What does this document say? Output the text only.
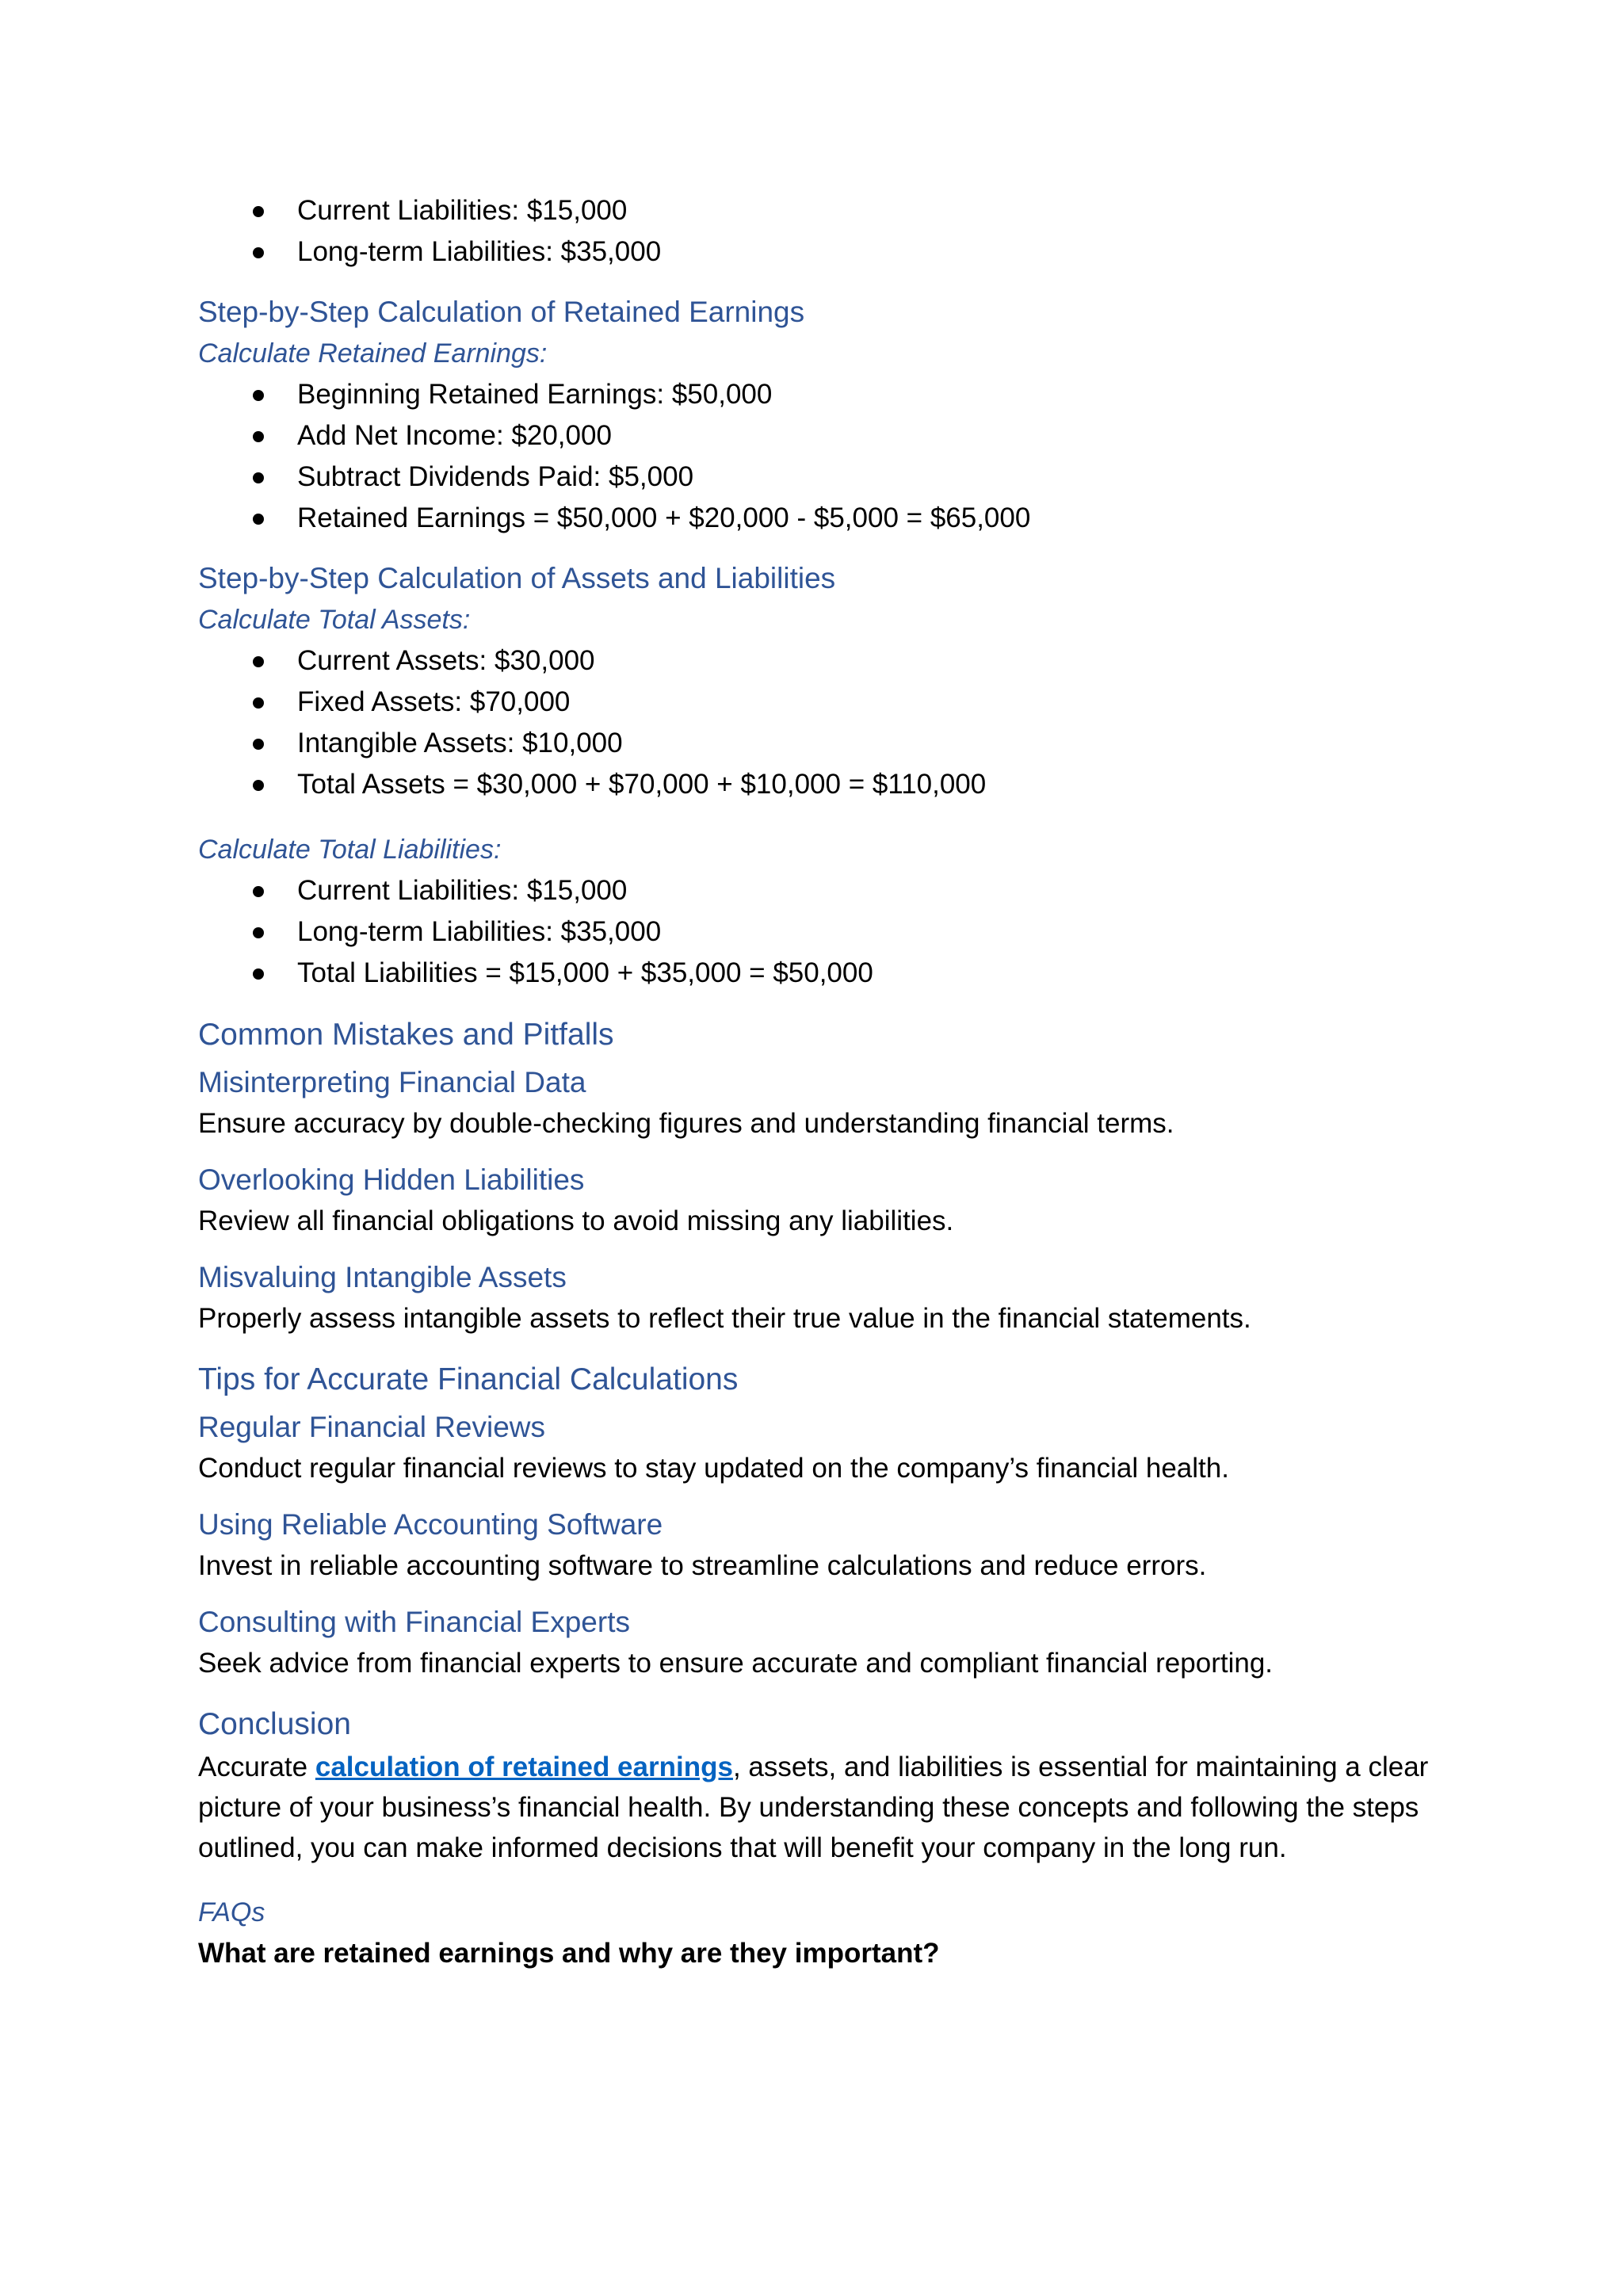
Current Liabilities: $15,000
Long-term Liabilities: $35,000
Step-by-Step Calculation of Retained Earnings
Calculate Retained Earnings:
Beginning Retained Earnings: $50,000
Add Net Income: $20,000
Subtract Dividends Paid: $5,000
Retained Earnings = $50,000 + $20,000 - $5,000 = $65,000
Step-by-Step Calculation of Assets and Liabilities
Calculate Total Assets:
Current Assets: $30,000
Fixed Assets: $70,000
Intangible Assets: $10,000
Total Assets = $30,000 + $70,000 + $10,000 = $110,000
Calculate Total Liabilities:
Current Liabilities: $15,000
Long-term Liabilities: $35,000
Total Liabilities = $15,000 + $35,000 = $50,000
Common Mistakes and Pitfalls
Misinterpreting Financial Data

Ensure accuracy by double-checking figures and understanding financial terms.

Overlooking Hidden Liabilities

Review all financial obligations to avoid missing any liabilities.

Misvaluing Intangible Assets

Properly assess intangible assets to reflect their true value in the financial statements.

Tips for Accurate Financial Calculations
Regular Financial Reviews

Conduct regular financial reviews to stay updated on the company’s financial health.

Using Reliable Accounting Software

Invest in reliable accounting software to streamline calculations and reduce errors.

Consulting with Financial Experts

Seek advice from financial experts to ensure accurate and compliant financial reporting.

Conclusion

Accurate calculation of retained earnings, assets, and liabilities is essential for maintaining a clear picture of your business’s financial health. By understanding these concepts and following the steps outlined, you can make informed decisions that will benefit your company in the long run.

FAQs

What are retained earnings and why are they important?
